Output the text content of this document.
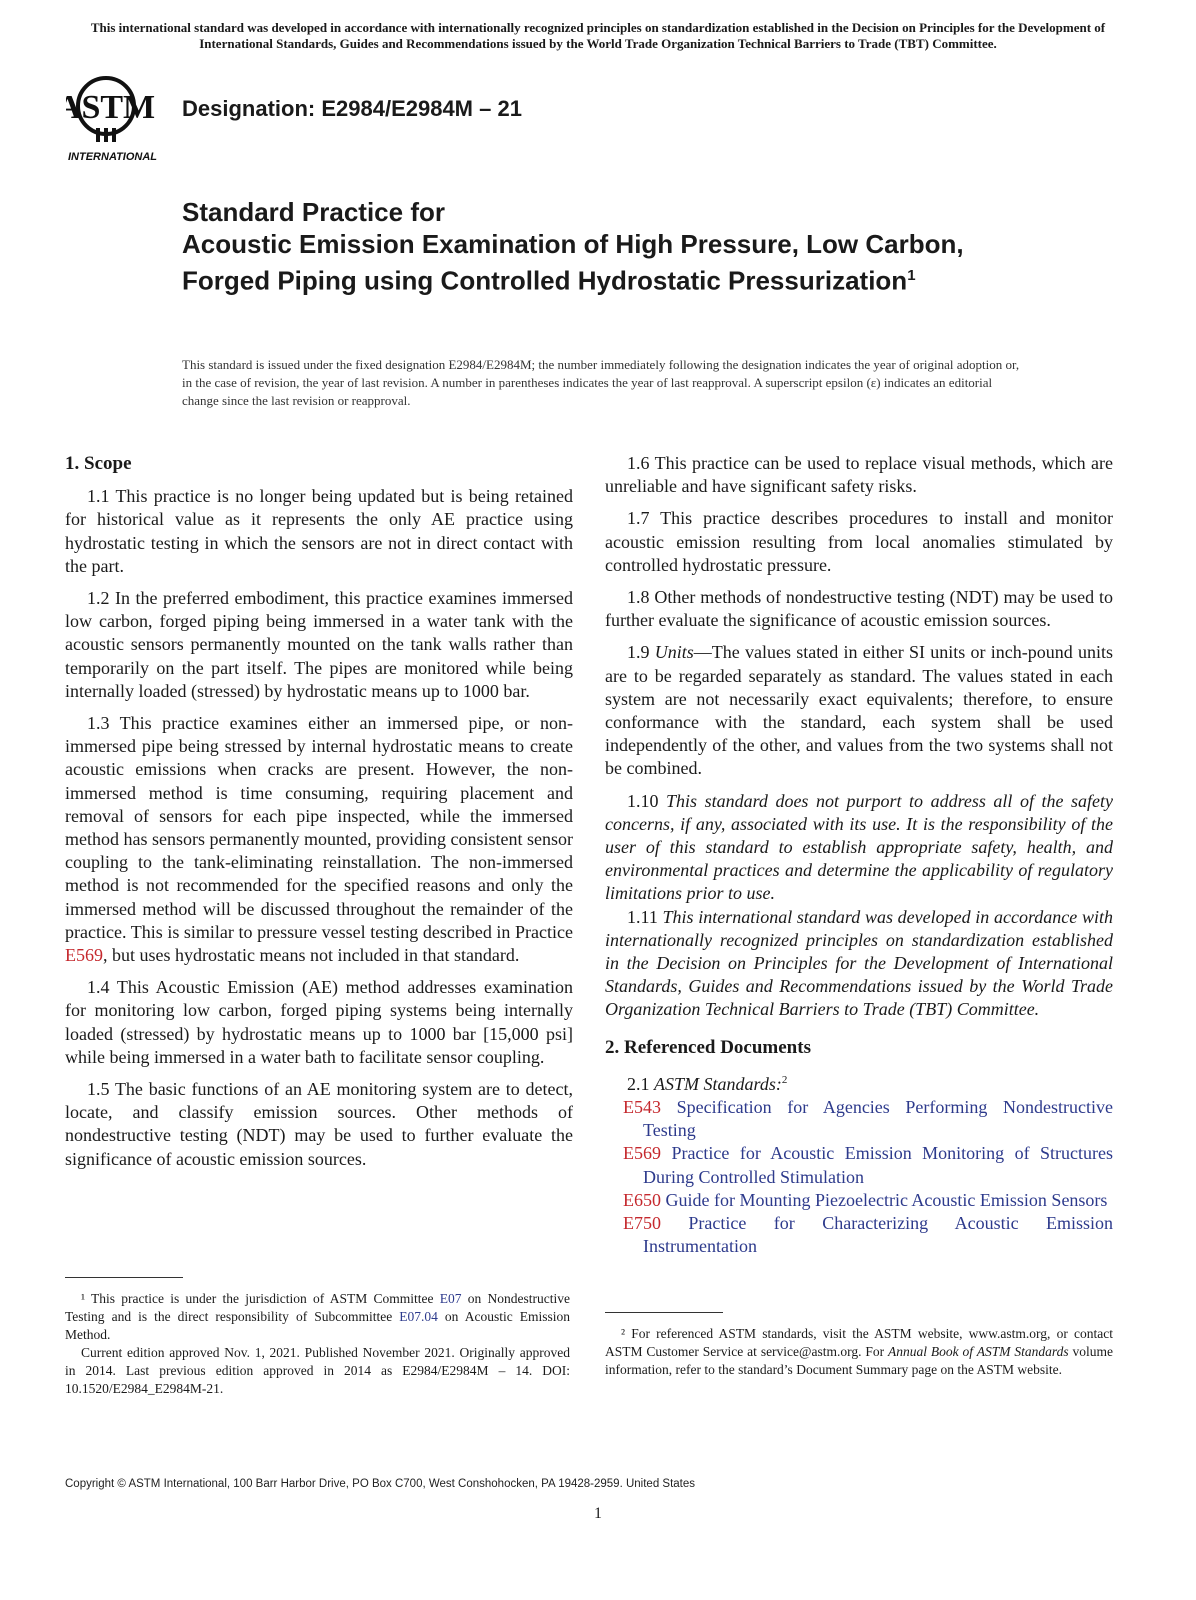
This international standard was developed in accordance with internationally recognized principles on standardization established in the Decision on Principles for the Development of International Standards, Guides and Recommendations issued by the World Trade Organization Technical Barriers to Trade (TBT) Committee.
ASTM
INTERNATIONAL
Designation: E2984/E2984M – 21
Standard Practice for
Acoustic Emission Examination of High Pressure, Low Carbon, Forged Piping using Controlled Hydrostatic Pressurization$^1$
This standard is issued under the fixed designation E2984/E2984M; the number immediately following the designation indicates the year of original adoption or, in the case of revision, the year of last revision. A number in parentheses indicates the year of last reapproval. A superscript epsilon (ε) indicates an editorial change since the last revision or reapproval.
1. Scope

1.1 This practice is no longer being updated but is being retained for historical value as it represents the only AE practice using hydrostatic testing in which the sensors are not in direct contact with the part.

1.2 In the preferred embodiment, this practice examines immersed low carbon, forged piping being immersed in a water tank with the acoustic sensors permanently mounted on the tank walls rather than temporarily on the part itself. The pipes are monitored while being internally loaded (stressed) by hydrostatic means up to 1000 bar.

1.3 This practice examines either an immersed pipe, or non-immersed pipe being stressed by internal hydrostatic means to create acoustic emissions when cracks are present. However, the non-immersed method is time consuming, requiring placement and removal of sensors for each pipe inspected, while the immersed method has sensors permanently mounted, providing consistent sensor coupling to the tank-eliminating reinstallation. The non-immersed method is not recommended for the specified reasons and only the immersed method will be discussed throughout the remainder of the practice. This is similar to pressure vessel testing described in Practice E569, but uses hydrostatic means not included in that standard.

1.4 This Acoustic Emission (AE) method addresses examination for monitoring low carbon, forged piping systems being internally loaded (stressed) by hydrostatic means up to 1000 bar [15,000 psi] while being immersed in a water bath to facilitate sensor coupling.

1.5 The basic functions of an AE monitoring system are to detect, locate, and classify emission sources. Other methods of nondestructive testing (NDT) may be used to further evaluate the significance of acoustic emission sources.

¹ This practice is under the jurisdiction of ASTM Committee E07 on Nondestructive Testing and is the direct responsibility of Subcommittee E07.04 on Acoustic Emission Method.

Current edition approved Nov. 1, 2021. Published November 2021. Originally approved in 2014. Last previous edition approved in 2014 as E2984/E2984M – 14. DOI: 10.1520/E2984_E2984M-21.

1.6 This practice can be used to replace visual methods, which are unreliable and have significant safety risks.

1.7 This practice describes procedures to install and monitor acoustic emission resulting from local anomalies stimulated by controlled hydrostatic pressure.

1.8 Other methods of nondestructive testing (NDT) may be used to further evaluate the significance of acoustic emission sources.

1.9 Units—The values stated in either SI units or inch-pound units are to be regarded separately as standard. The values stated in each system are not necessarily exact equivalents; therefore, to ensure conformance with the standard, each system shall be used independently of the other, and values from the two systems shall not be combined.

1.10 This standard does not purport to address all of the safety concerns, if any, associated with its use. It is the responsibility of the user of this standard to establish appropriate safety, health, and environmental practices and determine the applicability of regulatory limitations prior to use.

1.11 This international standard was developed in accordance with internationally recognized principles on standardization established in the Decision on Principles for the Development of International Standards, Guides and Recommendations issued by the World Trade Organization Technical Barriers to Trade (TBT) Committee.

2. Referenced Documents

2.1 ASTM Standards:$^2$

E543 Specification for Agencies Performing Nondestructive Testing

E569 Practice for Acoustic Emission Monitoring of Structures During Controlled Stimulation

E650 Guide for Mounting Piezoelectric Acoustic Emission Sensors

E750 Practice for Characterizing Acoustic Emission Instrumentation

² For referenced ASTM standards, visit the ASTM website, www.astm.org, or contact ASTM Customer Service at service@astm.org. For Annual Book of ASTM Standards volume information, refer to the standard’s Document Summary page on the ASTM website.

Copyright © ASTM International, 100 Barr Harbor Drive, PO Box C700, West Conshohocken, PA 19428-2959. United States
1
